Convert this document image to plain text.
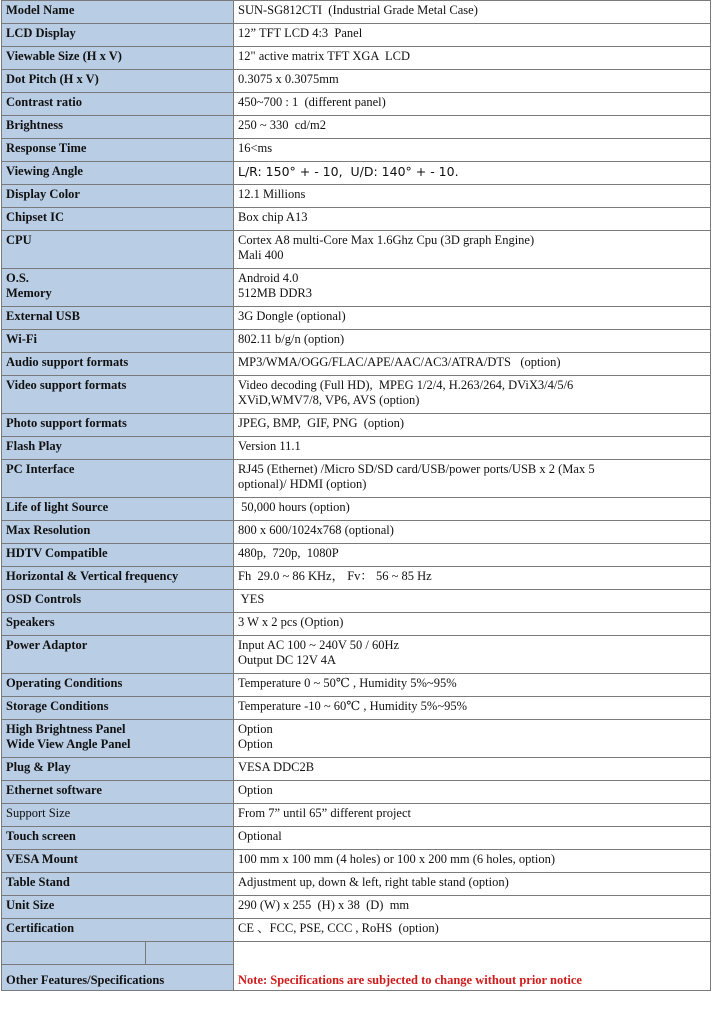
Model Name	SUN-SG812CTI  (Industrial Grade Metal Case)

LCD Display	12” TFT LCD 4:3  Panel

Viewable Size (H x V)	12" active matrix TFT XGA  LCD

Dot Pitch (H x V)	0.3075 x 0.3075mm

Contrast ratio	450~700 : 1  (different panel)

Brightness	250 ~ 330  cd/m2

Response Time	16<ms

Viewing Angle	L/R: 150° + - 10,  U/D: 140° + - 10.

Display Color	12.1 Millions

Chipset IC	Box chip A13

CPU	Cortex A8 multi-Core Max 1.6Ghz Cpu (3D graph Engine)
Mali 400

O.S.
Memory	Android 4.0
512MB DDR3

External USB	3G Dongle (optional)

Wi-Fi	802.11 b/g/n (option)

Audio support formats	MP3/WMA/OGG/FLAC/APE/AAC/AC3/ATRA/DTS   (option)

Video support formats	Video decoding (Full HD),  MPEG 1/2/4, H.263/264, DViX3/4/5/6
XViD,WMV7/8, VP6, AVS (option)

Photo support formats	JPEG, BMP,  GIF, PNG  (option)

Flash Play	Version 11.1

PC Interface	RJ45 (Ethernet) /Micro SD/SD card/USB/power ports/USB x 2 (Max 5
optional)/ HDMI (option)

Life of light Source	50,000 hours (option)

Max Resolution	800 x 600/1024x768 (optional)

HDTV Compatible	480p,  720p,  1080P

Horizontal & Vertical frequency	Fh  29.0 ~ 86 KHz， Fv： 56 ~ 85 Hz

OSD Controls	YES

Speakers	3 W x 2 pcs (Option)

Power Adaptor	Input AC 100 ~ 240V 50 / 60Hz
Output DC 12V 4A

Operating Conditions	Temperature 0 ~ 50℃ , Humidity 5%~95%

Storage Conditions	Temperature -10 ~ 60℃ , Humidity 5%~95%

High Brightness Panel
Wide View Angle Panel	Option
Option

Plug & Play	VESA DDC2B

Ethernet software	Option

Support Size	From 7” until 65” different project

Touch screen	Optional

VESA Mount	100 mm x 100 mm (4 holes) or 100 x 200 mm (6 holes, option)

Table Stand	Adjustment up, down & left, right table stand (option)

Unit Size	290 (W) x 255  (H) x 38  (D)  mm

Certification	CE 、FCC, PSE, CCC , RoHS  (option)

Other Features/Specifications	Note: Specifications are subjected to change without prior notice
